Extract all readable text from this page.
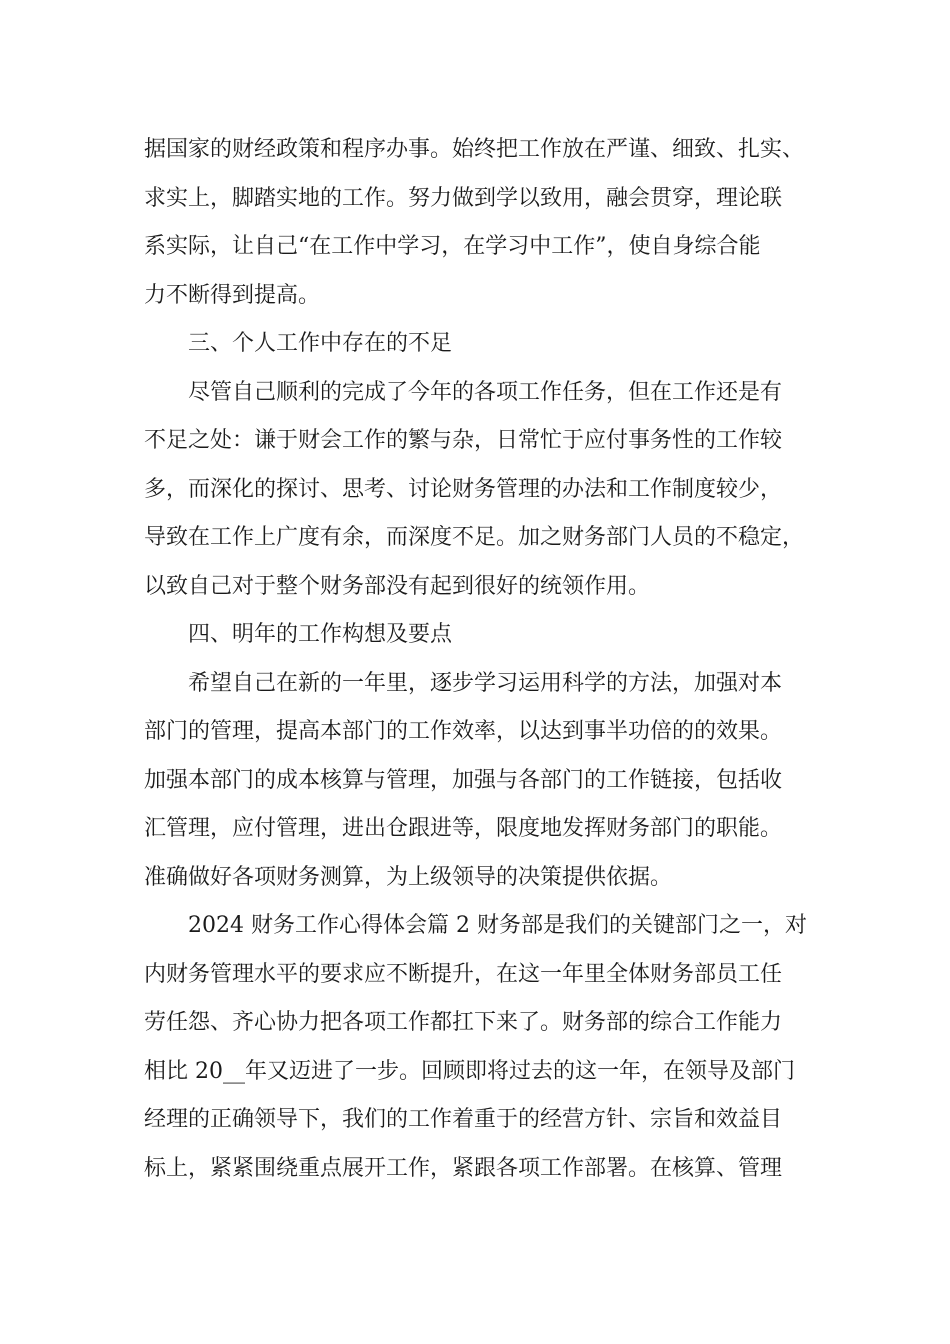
据国家的财经政策和程序办事。始终把工作放在严谨、细致、扎实、
求实上，脚踏实地的工作。努力做到学以致用，融会贯穿，理论联
系实际，让自己“在工作中学习，在学习中工作”，使自身综合能
力不断得到提高。
三、个人工作中存在的不足
尽管自己顺利的完成了今年的各项工作任务，但在工作还是有
不足之处：谦于财会工作的繁与杂，日常忙于应付事务性的工作较
多，而深化的探讨、思考、讨论财务管理的办法和工作制度较少，
导致在工作上广度有余，而深度不足。加之财务部门人员的不稳定，
以致自己对于整个财务部没有起到很好的统领作用。
四、明年的工作构想及要点
希望自己在新的一年里，逐步学习运用科学的方法，加强对本
部门的管理，提高本部门的工作效率，以达到事半功倍的的效果。
加强本部门的成本核算与管理，加强与各部门的工作链接，包括收
汇管理，应付管理，进出仓跟进等，限度地发挥财务部门的职能。
准确做好各项财务测算，为上级领导的决策提供依据。
2024 财务工作心得体会篇 2 财务部是我们的关键部门之一，对
内财务管理水平的要求应不断提升，在这一年里全体财务部员工任
劳任怨、齐心协力把各项工作都扛下来了。财务部的综合工作能力
相比 20__年又迈进了一步。回顾即将过去的这一年，在领导及部门
经理的正确领导下，我们的工作着重于的经营方针、宗旨和效益目
标上，紧紧围绕重点展开工作，紧跟各项工作部署。在核算、管理
